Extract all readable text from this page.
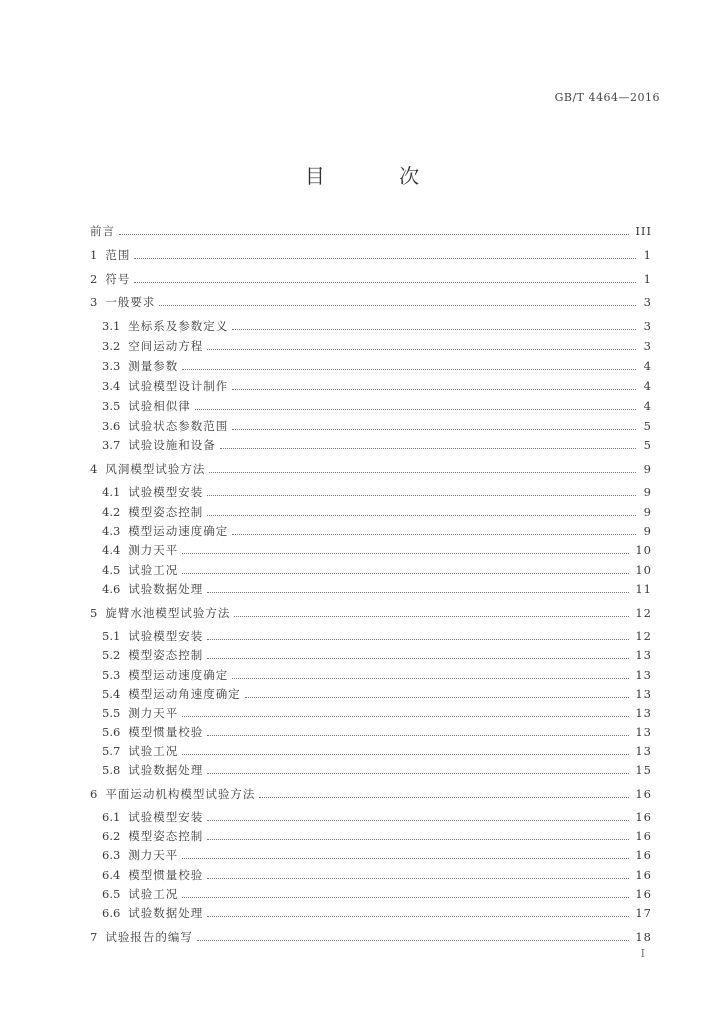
GB/T 4464—2016
目 次
前言	III
1 范围	1
2 符号	1
3 一般要求	3
3.1 坐标系及参数定义	3
3.2 空间运动方程	3
3.3 测量参数	4
3.4 试验模型设计制作	4
3.5 试验相似律	4
3.6 试验状态参数范围	5
3.7 试验设施和设备	5
4 风洞模型试验方法	9
4.1 试验模型安装	9
4.2 模型姿态控制	9
4.3 模型运动速度确定	9
4.4 测力天平	10
4.5 试验工况	10
4.6 试验数据处理	11
5 旋臂水池模型试验方法	12
5.1 试验模型安装	12
5.2 模型姿态控制	13
5.3 模型运动速度确定	13
5.4 模型运动角速度确定	13
5.5 测力天平	13
5.6 模型惯量校验	13
5.7 试验工况	13
5.8 试验数据处理	15
6 平面运动机构模型试验方法	16
6.1 试验模型安装	16
6.2 模型姿态控制	16
6.3 测力天平	16
6.4 模型惯量校验	16
6.5 试验工况	16
6.6 试验数据处理	17
7 试验报告的编写	18
I
